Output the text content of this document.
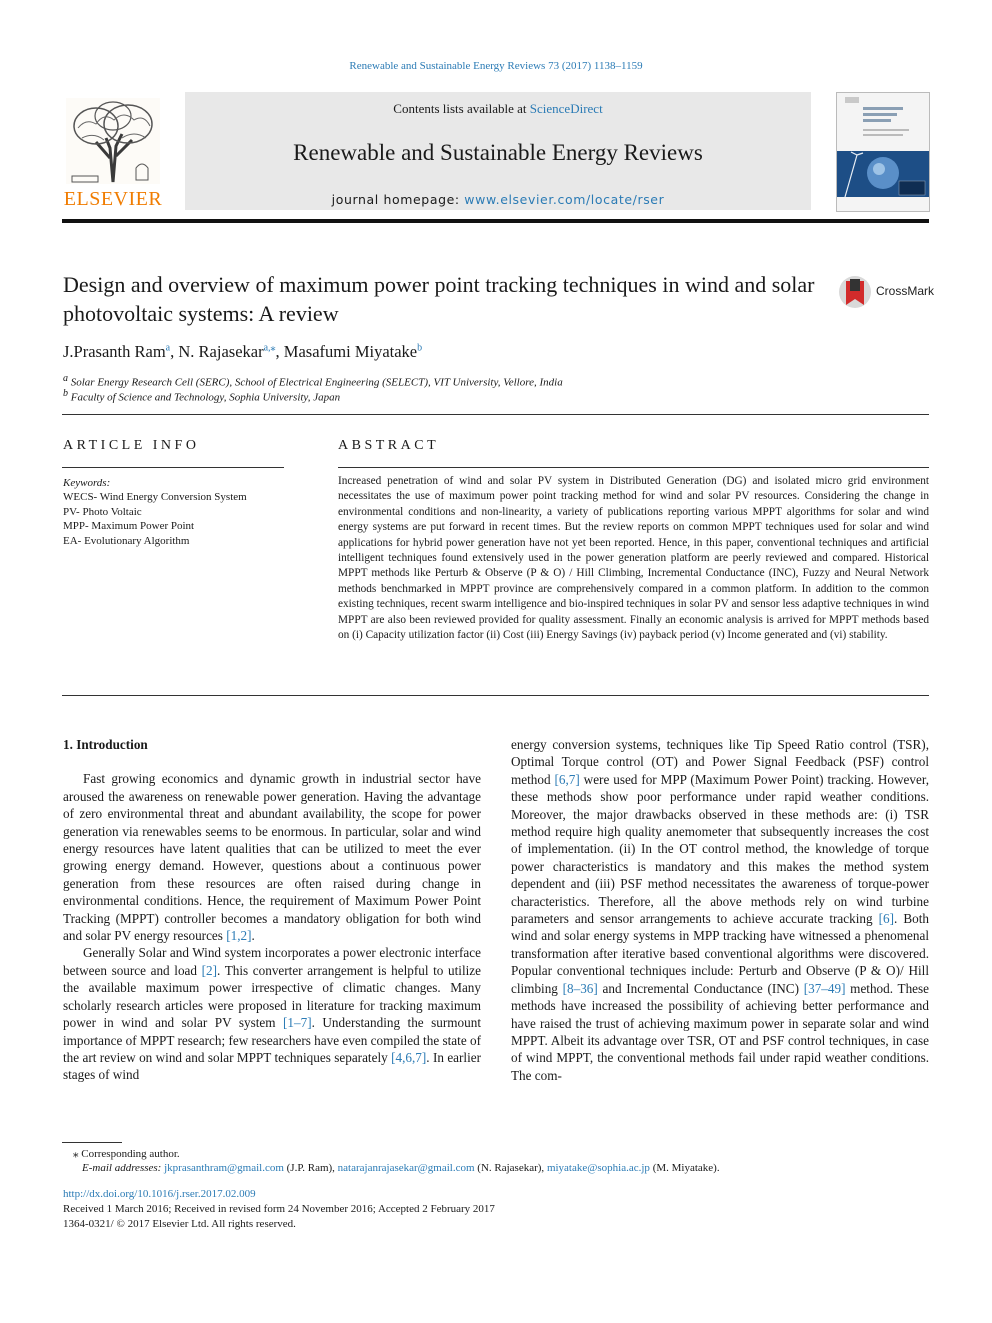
Renewable and Sustainable Energy Reviews 73 (2017) 1138–1159
ELSEVIER
Contents lists available at ScienceDirect
Renewable and Sustainable Energy Reviews
journal homepage: www.elsevier.com/locate/rser
Design and overview of maximum power point tracking techniques in wind and solar photovoltaic systems: A review
CrossMark
J.Prasanth Ram$^a$, N. Rajasekar$^{a,⁎}$, Masafumi Miyatake$^b$
$^a$ Solar Energy Research Cell (SERC), School of Electrical Engineering (SELECT), VIT University, Vellore, India
$^b$ Faculty of Science and Technology, Sophia University, Japan
ARTICLE INFO	ABSTRACT
Keywords:
WECS- Wind Energy Conversion System
PV- Photo Voltaic
MPP- Maximum Power Point
EA- Evolutionary Algorithm
Increased penetration of wind and solar PV system in Distributed Generation (DG) and isolated micro grid environment necessitates the use of maximum power point tracking method for wind and solar PV resources. Considering the change in environmental conditions and non-linearity, a variety of publications reporting various MPPT algorithms for solar and wind energy systems are put forward in recent times. But the review reports on common MPPT techniques used for solar and wind applications for hybrid power generation have not yet been reported. Hence, in this paper, conventional techniques and artificial intelligent techniques found extensively used in the power generation platform are peerly reviewed and compared. Historical MPPT methods like Perturb & Observe (P & O) / Hill Climbing, Incremental Conductance (INC), Fuzzy and Neural Network methods benchmarked in MPPT province are comprehensively compared in a common platform. In addition to the common existing techniques, recent swarm intelligence and bio-inspired techniques in solar PV and sensor less adaptive techniques in wind MPPT are also been reviewed provided for quality assessment. Finally an economic analysis is arrived for MPPT methods based on (i) Capacity utilization factor (ii) Cost (iii) Energy Savings (iv) payback period (v) Income generated and (vi) stability.
1. Introduction

Fast growing economics and dynamic growth in industrial sector have aroused the awareness on renewable power generation. Having the advantage of zero environmental threat and abundant availability, the scope for power generation via renewables seems to be enormous. In particular, solar and wind energy resources have latent qualities that can be utilized to meet the ever growing energy demand. However, questions about a continuous power generation from these resources are often raised during change in environmental conditions. Hence, the requirement of Maximum Power Point Tracking (MPPT) controller becomes a mandatory obligation for both wind and solar PV energy resources [1,2].

Generally Solar and Wind system incorporates a power electronic interface between source and load [2]. This converter arrangement is helpful to utilize the available maximum power irrespective of climatic changes. Many scholarly research articles were proposed in literature for tracking maximum power in wind and solar PV system [1–7]. Understanding the surmount importance of MPPT research; few researchers have even compiled the state of the art review on wind and solar MPPT techniques separately [4,6,7]. In earlier stages of wind

energy conversion systems, techniques like Tip Speed Ratio control (TSR), Optimal Torque control (OT) and Power Signal Feedback (PSF) control method [6,7] were used for MPP (Maximum Power Point) tracking. However, these methods show poor performance under rapid weather conditions. Moreover, the major drawbacks observed in these methods are: (i) TSR method require high quality anemometer that subsequently increases the cost of implementation. (ii) In the OT control method, the knowledge of torque power characteristics is mandatory and this makes the method system dependent and (iii) PSF method necessitates the awareness of torque-power characteristics. Therefore, all the above methods rely on wind turbine parameters and sensor arrangements to achieve accurate tracking [6]. Both wind and solar energy systems in MPP tracking have witnessed a phenomenal transformation after iterative based conventional algorithms were discovered. Popular conventional techniques include: Perturb and Observe (P & O)/ Hill climbing [8–36] and Incremental Conductance (INC) [37–49] method. These methods have increased the possibility of achieving better performance and have raised the trust of achieving maximum power in separate solar and wind MPPT. Albeit its advantage over TSR, OT and PSF control techniques, in case of wind MPPT, the conventional methods fail under rapid weather conditions. The com-

⁎ Corresponding author.
E-mail addresses: jkprasanthram@gmail.com (J.P. Ram), natarajanrajasekar@gmail.com (N. Rajasekar), miyatake@sophia.ac.jp (M. Miyatake).
http://dx.doi.org/10.1016/j.rser.2017.02.009
Received 1 March 2016; Received in revised form 24 November 2016; Accepted 2 February 2017
1364-0321/ © 2017 Elsevier Ltd. All rights reserved.
